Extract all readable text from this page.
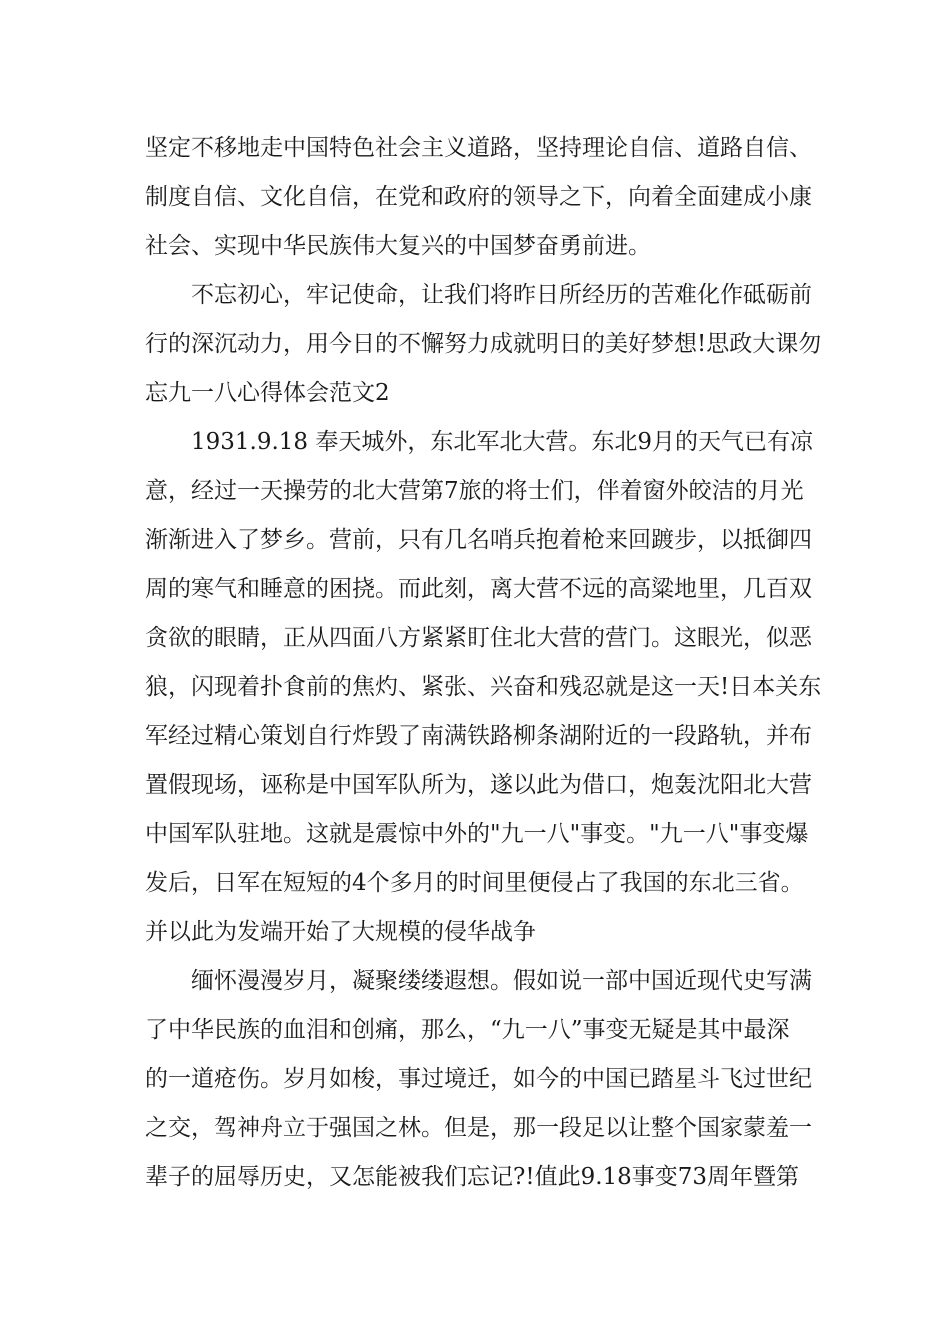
坚定不移地走中国特色社会主义道路，坚持理论自信、道路自信、
制度自信、文化自信，在党和政府的领导之下，向着全面建成小康
社会、实现中华民族伟大复兴的中国梦奋勇前进。
不忘初心，牢记使命，让我们将昨日所经历的苦难化作砥砺前
行的深沉动力，用今日的不懈努力成就明日的美好梦想!思政大课勿
忘九一八心得体会范文2
1931.9.18 奉天城外，东北军北大营。东北9月的天气已有凉
意，经过一天操劳的北大营第7旅的将士们，伴着窗外皎洁的月光
渐渐进入了梦乡。营前，只有几名哨兵抱着枪来回踱步，以抵御四
周的寒气和睡意的困挠。而此刻，离大营不远的高粱地里，几百双
贪欲的眼睛，正从四面八方紧紧盯住北大营的营门。这眼光，似恶
狼，闪现着扑食前的焦灼、紧张、兴奋和残忍就是这一天!日本关东
军经过精心策划自行炸毁了南满铁路柳条湖附近的一段路轨，并布
置假现场，诬称是中国军队所为，遂以此为借口，炮轰沈阳北大营
中国军队驻地。这就是震惊中外的"九一八"事变。"九一八"事变爆
发后，日军在短短的4个多月的时间里便侵占了我国的东北三省。
并以此为发端开始了大规模的侵华战争
缅怀漫漫岁月，凝聚缕缕遐想。假如说一部中国近现代史写满
了中华民族的血泪和创痛，那么，“九一八”事变无疑是其中最深
的一道疮伤。岁月如梭，事过境迁，如今的中国已踏星斗飞过世纪
之交，驾神舟立于强国之林。但是，那一段足以让整个国家蒙羞一
辈子的屈辱历史，又怎能被我们忘记?!值此9.18事变73周年暨第
